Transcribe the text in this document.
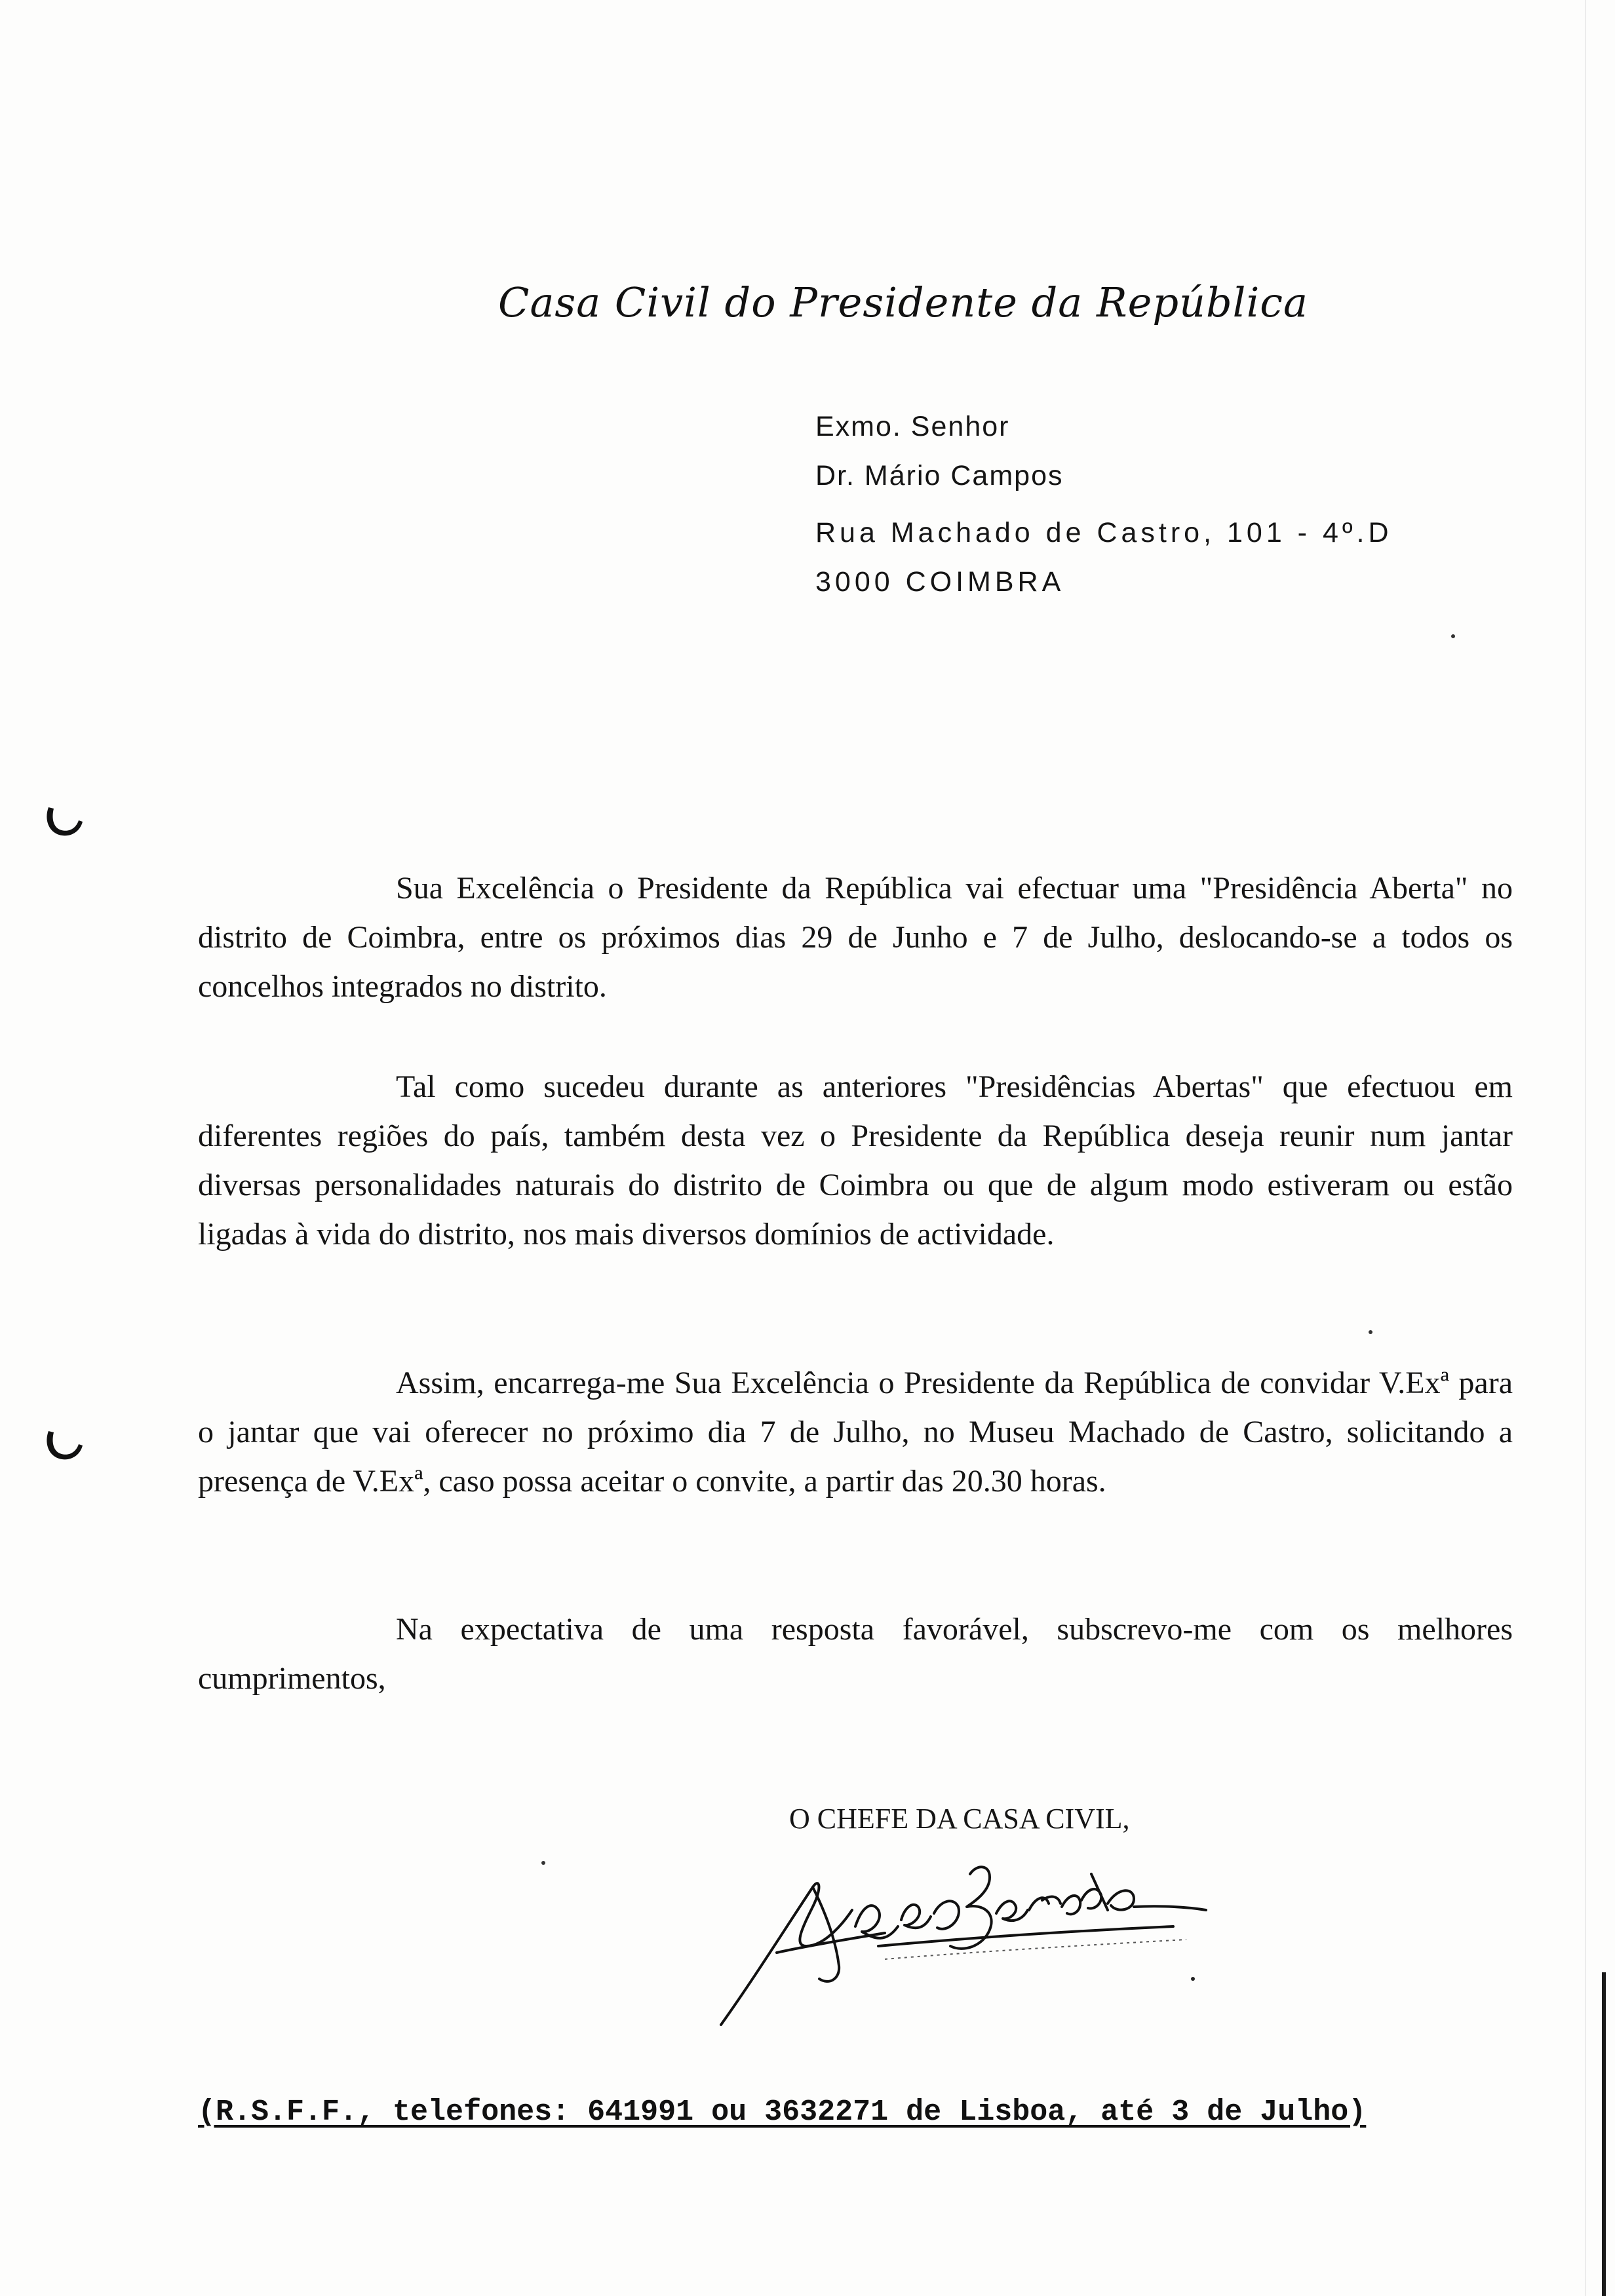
Casa Civil do Presidente da República
Exmo. Senhor
Dr. Mário Campos
Rua Machado de Castro, 101 - 4º.D
3000 COIMBRA

Sua Excelência o Presidente da República vai efectuar uma "Presidência Aberta" no distrito de Coimbra, entre os próximos dias 29 de Junho e 7 de Julho, deslocando-se a todos os concelhos integrados no distrito.

Tal como sucedeu durante as anteriores "Presidências Abertas" que efectuou em diferentes regiões do país, também desta vez o Presidente da República deseja reunir num jantar diversas personalidades naturais do distrito de Coimbra ou que de algum modo estiveram ou estão ligadas à vida do distrito, nos mais diversos domínios de actividade.

Assim, encarrega-me Sua Excelência o Presidente da República de convidar V.Exª para o jantar que vai oferecer no próximo dia 7 de Julho, no Museu Machado de Castro, solicitando a presença de V.Exª, caso possa aceitar o convite, a partir das 20.30 horas.

Na expectativa de uma resposta favorável, subscrevo-me com os melhores cumprimentos,

O CHEFE DA CASA CIVIL,
(R.S.F.F., telefones: 641991 ou 3632271 de Lisboa, até 3 de Julho)
